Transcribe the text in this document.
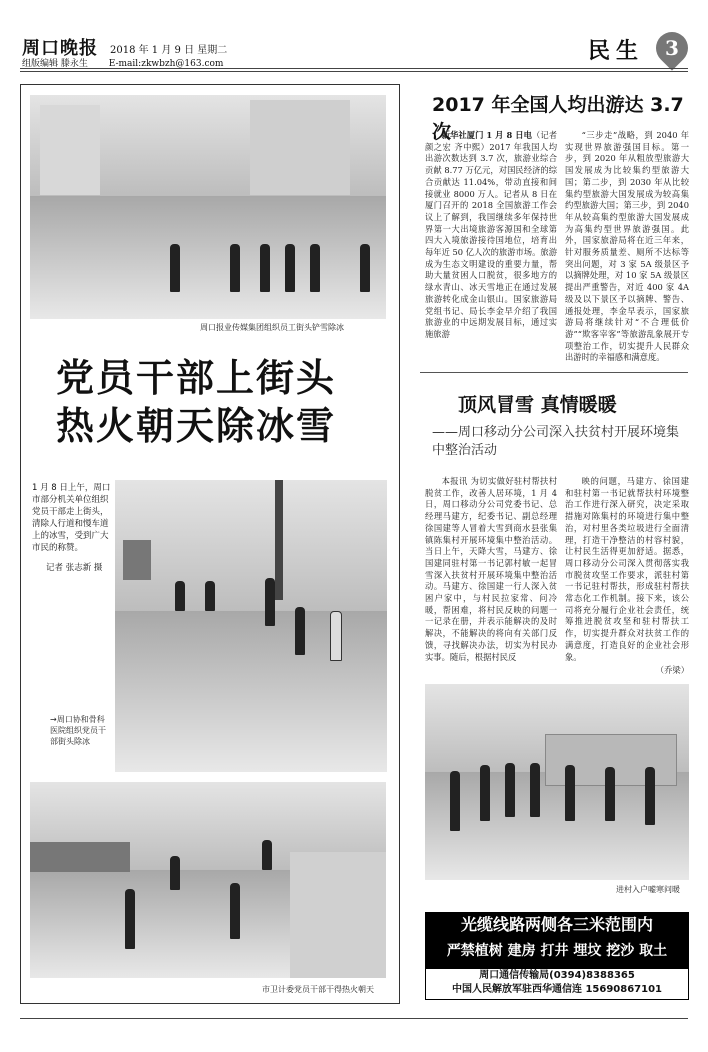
周口晚报 2018 年 1 月 9 日 星期二
组版编辑 滕永生 E-mail:zkwbzh@163.com	民生	3
周口报业传媒集团组织员工街头铲雪除冰
党员干部上街头
热火朝天除冰雪
1 月 8 日上午，周口市部分机关单位组织党员干部走上街头，清除人行道和慢车道上的冰雪，受到广大市民的称赞。
记者 张志新 摄
→周口协和骨科医院组织党员干部街头除冰
市卫计委党员干部干得热火朝天
2017 年全国人均出游达 3.7 次

新华社厦门 1 月 8 日电（记者 颜之宏 齐中熙）2017 年我国人均出游次数达到 3.7 次，旅游业综合贡献 8.77 万亿元，对国民经济的综合贡献达 11.04%，带动直接和间接就业 8000 万人。记者从 8 日在厦门召开的 2018 全国旅游工作会议上了解到，我国继续多年保持世界第一大出境旅游客源国和全球第四大入境旅游接待国地位，培育出每年近 50 亿人次的旅游市场。旅游成为生态文明建设的重要力量，帮助大量贫困人口脱贫，很多地方的绿水青山、冰天雪地正在通过发展旅游转化成金山银山。国家旅游局党组书记、局长李金早介绍了我国旅游业的中远期发展目标，通过实施旅游

“三步走”战略，到 2040 年实现世界旅游强国目标。第一步，到 2020 年从粗放型旅游大国发展成为比较集约型旅游大国；第二步，到 2030 年从比较集约型旅游大国发展成为较高集约型旅游大国；第三步，到 2040 年从较高集约型旅游大国发展成为高集约型世界旅游强国。此外，国家旅游局将在近三年来，针对服务质量差、厕所不达标等突出问题，对 3 家 5A 级景区予以摘牌处理，对 10 家 5A 级景区提出严重警告，对近 400 家 4A 级及以下景区予以摘牌、警告、通报处理，李金早表示，国家旅游局将继续针对“不合理低价游”“欺客宰客”等旅游乱象展开专项整治工作，切实提升人民群众出游时的幸福感和满意度。

顶风冒雪 真情暖暖
——周口移动分公司深入扶贫村开展环境集中整治活动

本报讯 为切实做好驻村帮扶村脱贫工作，改善人居环境，1 月 4 日，周口移动分公司党委书记、总经理马建方，纪委书记、副总经理徐国建等人冒着大雪到商水县张集镇陈集村开展环境集中整治活动。当日上午，天降大雪，马建方、徐国建同驻村第一书记郭村敏一起冒雪深入扶贫村开展环境集中整治活动。马建方、徐国建一行人深入贫困户家中，与村民拉家常、问冷暖，帮困难，将村民反映的问题一一记录在册，并表示能解决的及时解决，不能解决的将向有关部门反馈，寻找解决办法，切实为村民办实事。随后，根据村民反

映的问题，马建方、徐国建和驻村第一书记就帮扶村环境整治工作进行深入研究，决定采取措施对陈集村的环境进行集中整治，对村里各类垃圾进行全面清理，打造干净整洁的村容村貌，让村民生活得更加舒适。据悉，周口移动分公司深入贯彻落实我市脱贫攻坚工作要求，派驻村第一书记驻村帮扶，形成驻村帮扶常态化工作机制。接下来，该公司将充分履行企业社会责任，统筹推进脱贫攻坚和驻村帮扶工作，切实提升群众对扶贫工作的满意度，打造良好的企业社会形象。

（乔梁）
进村入户嘘寒问暖
光缆线路两侧各三米范围内
严禁植树 建房 打井 埋坟 挖沙 取土
周口通信传输局(0394)8388365
中国人民解放军驻西华通信连 15690867101
